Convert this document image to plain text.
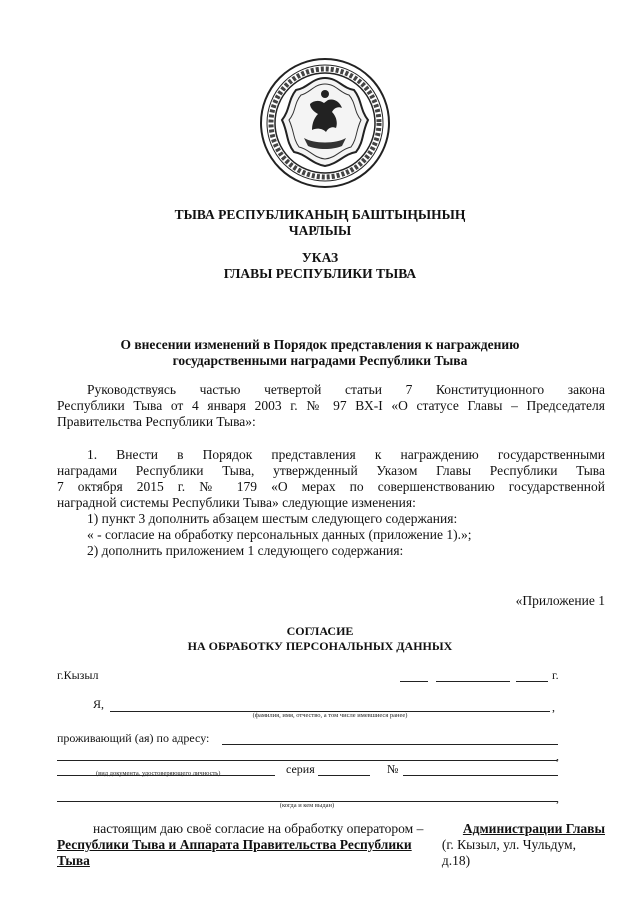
ТЫВА РЕСПУБЛИКАНЫҢ БАШТЫҢЫНЫҢ
ЧАРЛЫЫ
УКАЗ
ГЛАВЫ РЕСПУБЛИКИ ТЫВА
О внесении изменений в Порядок представления к награждению
государственными наградами Республики Тыва
Руководствуясь частью четвертой статьи 7 Конституционного закона
Республики Тыва от 4 января 2003 г. № 97 ВХ-I «О статусе Главы – Председателя
Правительства Республики Тыва»:
1. Внести в Порядок представления к награждению государственными
наградами Республики Тыва, утвержденный Указом Главы Республики Тыва
7 октября 2015 г. № 179 «О мерах по совершенствованию государственной
наградной системы Республики Тыва» следующие изменения:
1) пункт 3 дополнить абзацем шестым следующего содержания:
« - согласие на обработку персональных данных (приложение 1).»;
2) дополнить приложением 1 следующего содержания:
«Приложение 1
СОГЛАСИЕ
НА ОБРАБОТКУ ПЕРСОНАЛЬНЫХ ДАННЫХ
г.Кызыл	г.
Я,	,
(фамилия, имя, отчество, а том числе имевшиеся ранее)
проживающий (ая) по адресу:
,
серия	№
(вид документа, удостоверяющего личность)
,
(когда и кем выдан)
настоящим даю своё согласие на обработку оператором –	Администрации Главы
Республики Тыва и Аппарата Правительства Республики Тыва
(г. Кызыл, ул. Чульдум, д.18)
